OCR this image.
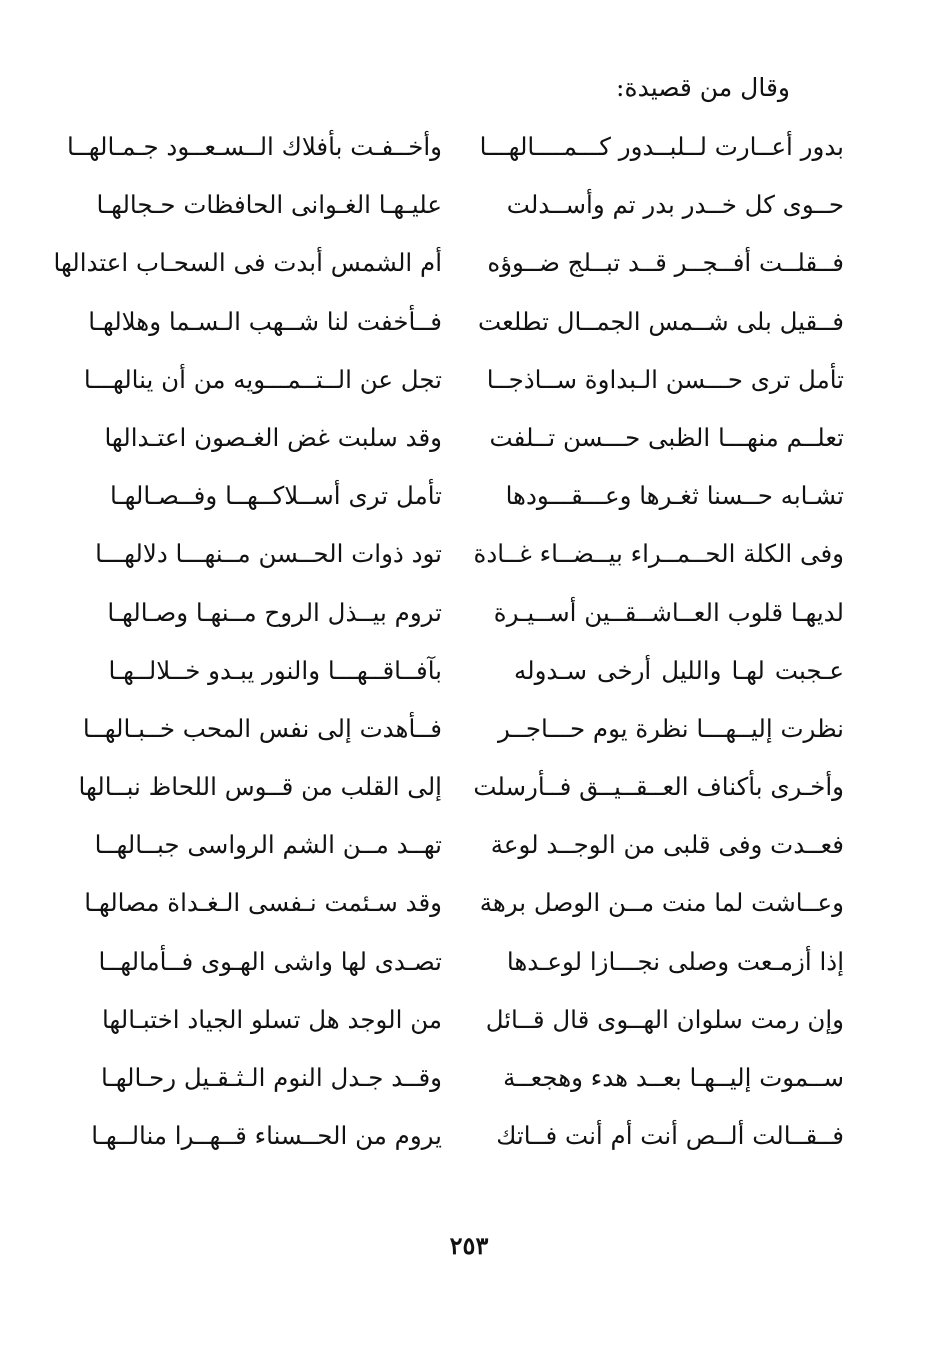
وقال من قصيدة:
بدور أعــارت لــلبــدور كـــمــــالهـــا
وأخــفـت بأفلاك الــسـعــود جـمـالهــا
حــوى كل خــدر بدر تم وأســدلت
عليـهـا الغـوانى الحافظات حـجالهـا
فــقلــت أفــجــر قــد تبــلج ضــوؤه
أم الشمس أبدت فى السحـاب اعتدالها
فــقيل بلى شــمس الجمــال تطلعت
فــأخفت لنا شــهب الـسـما وهلالهـا
تأمل ترى حـــسن الـبداوة ســاذجــا
تجل عن الــتــمـــويه من أن ينالهـــا
تعلــم منهـــا الظبى حـــسن تــلفت
وقد سلبت غض الغـصون اعتـدالها
تشـابه حــسنا ثغـرها وعـــقـــودها
تأمل ترى أســلاكــهــا وفــصـالهـا
وفى الكلة الحــمــراء بيــضــاء غــادة
تود ذوات الحــسن مــنهـــا دلالهـــا
لديهـا قلوب العــاشــقــين أســيـرة
تروم بيــذل الروح مــنهـا وصـالهـا
عـجبت لهـا والليل أرخى سـدوله
بآفــاقــهـــا والنور يبـدو خــلالــهـا
نظرت إليــهـــا نظرة يوم حـــاجــر
فــأهدت إلى نفس المحب خــبـالهــا
وأخـرى بأكناف العــقــيــق فــأرسلت
إلى القلب من قــوس اللحاظ نبــالها
فعــدت وفى قلبى من الوجــد لوعة
تهــد مــن الشم الرواسى جبــالهــا
وعــاشت لما منت مــن الوصل برهة
وقد سـئمت نـفسى الـغـداة مصالهـا
إذا أزمـعت وصلى نجـــازا لوعـدها
تصـدى لها واشى الهـوى فــأمالهــا
وإن رمت سلوان الهــوى قال قــائل
من الوجد هل تسلو الجياد اختبـالها
ســموت إليــهـا بعــد هدء وهجعــة
وقــد جـدل النوم الـثـقـيل رحـالهـا
فــقــالت ألــص أنت أم أنت فــاتك
يروم من الحــسناء قــهــرا منالــهـا
٢٥٣
